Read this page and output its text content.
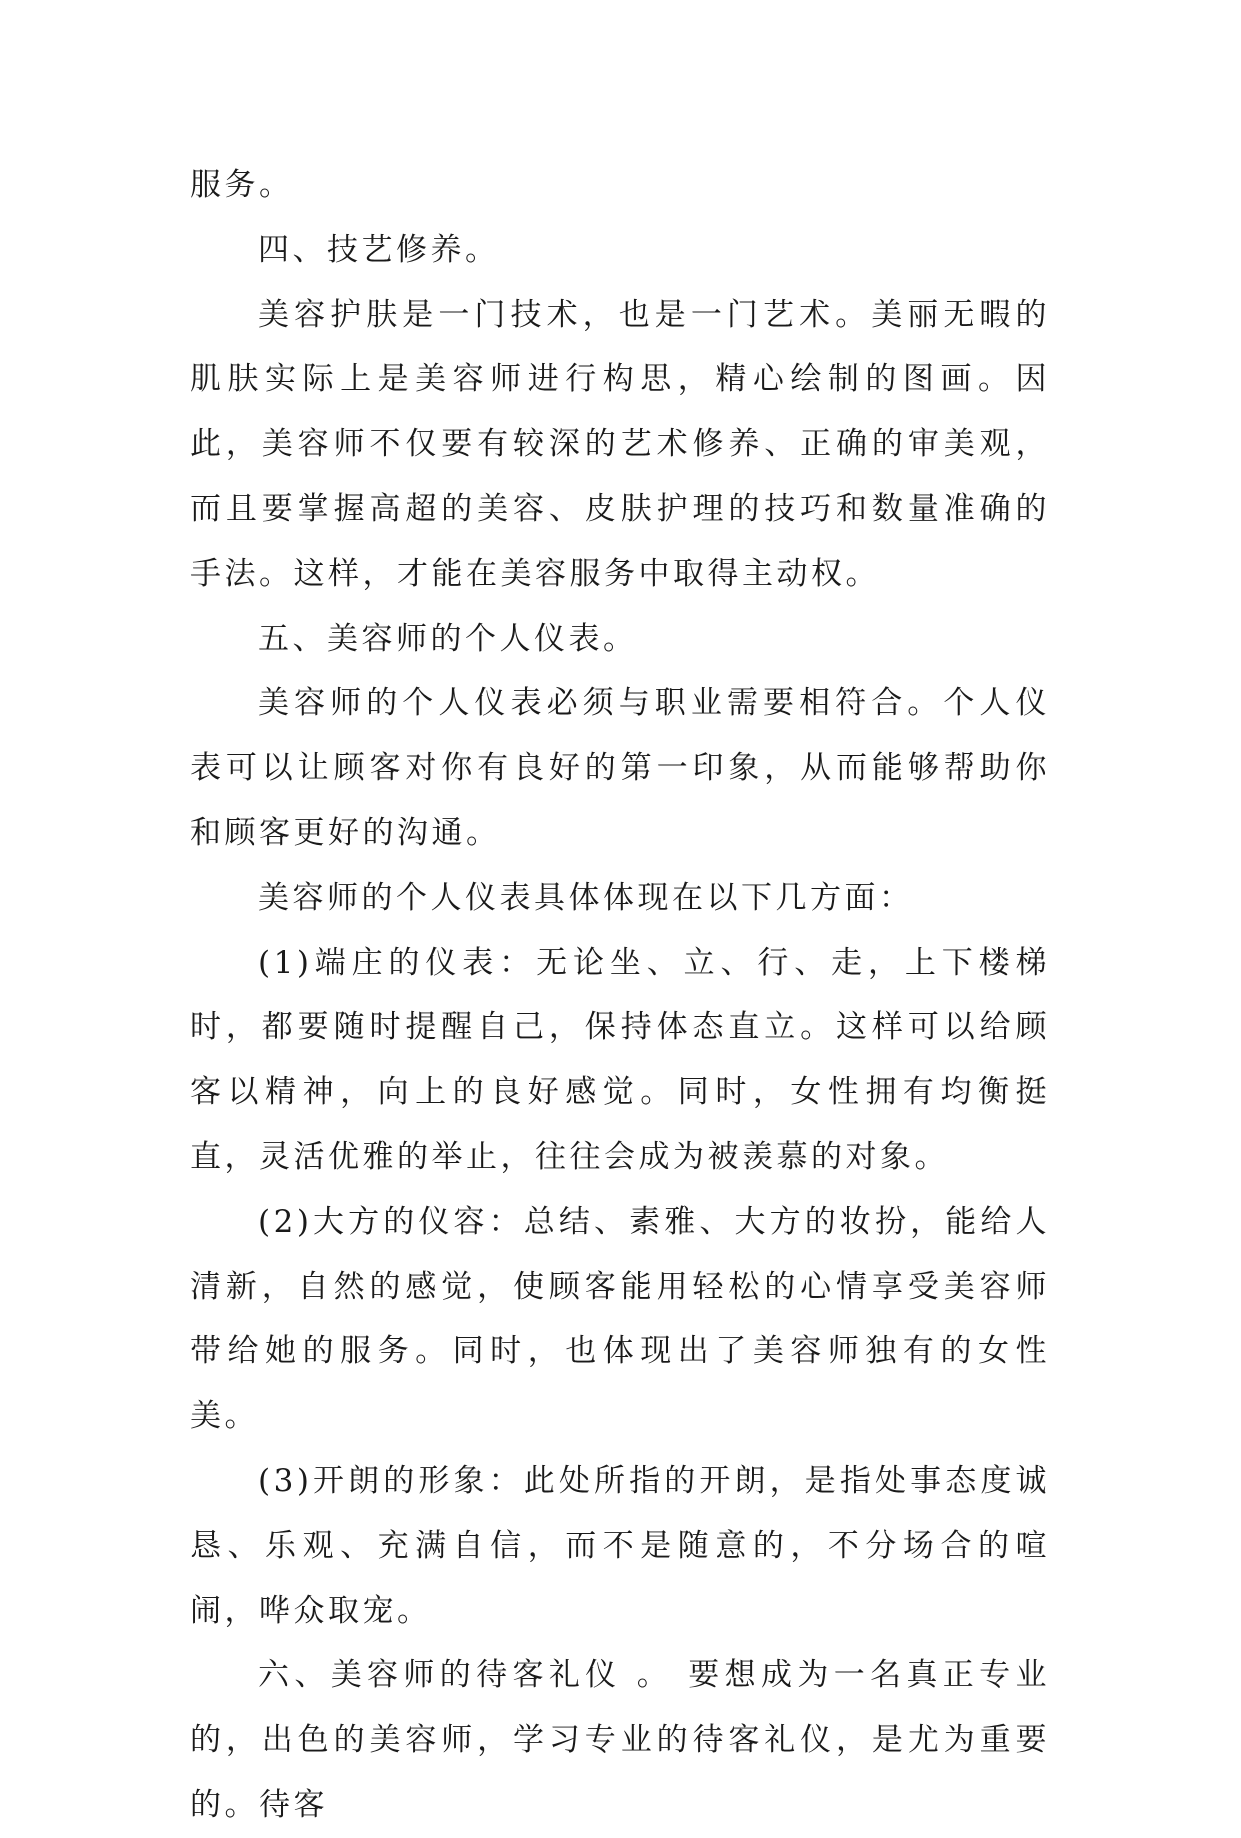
服务。

四、技艺修养。

美容护肤是一门技术，也是一门艺术。美丽无暇的肌肤实际上是美容师进行构思，精心绘制的图画。因此，美容师不仅要有较深的艺术修养、正确的审美观，而且要掌握高超的美容、皮肤护理的技巧和数量准确的手法。这样，才能在美容服务中取得主动权。

五、美容师的个人仪表。

美容师的个人仪表必须与职业需要相符合。个人仪表可以让顾客对你有良好的第一印象，从而能够帮助你和顾客更好的沟通。

美容师的个人仪表具体体现在以下几方面：

(1)端庄的仪表：无论坐、立、行、走，上下楼梯时，都要随时提醒自己，保持体态直立。这样可以给顾客以精神，向上的良好感觉。同时，女性拥有均衡挺直，灵活优雅的举止，往往会成为被羡慕的对象。

(2)大方的仪容：总结、素雅、大方的妆扮，能给人清新，自然的感觉，使顾客能用轻松的心情享受美容师带给她的服务。同时，也体现出了美容师独有的女性美。

(3)开朗的形象：此处所指的开朗，是指处事态度诚恳、乐观、充满自信，而不是随意的，不分场合的喧闹，哗众取宠。

六、美容师的待客礼仪 。 要想成为一名真正专业的，出色的美容师，学习专业的待客礼仪，是尤为重要的。待客
